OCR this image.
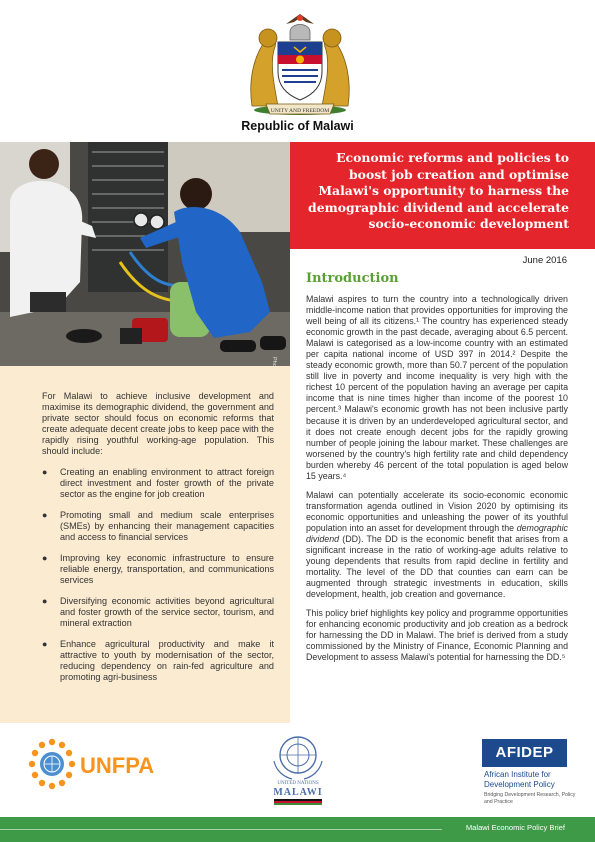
UNITY AND FREEDOM
Republic of Malawi
Economic reforms and policies to boost job creation and optimise Malawi's opportunity to harness the demographic dividend and accelerate socio-economic development
June 2016
For Malawi to achieve inclusive development and maximise its demographic dividend, the government and private sector should focus on economic reforms that create adequate decent create jobs to keep pace with the rapidly rising youthful working-age population. This should include:
● Creating an enabling environment to attract foreign direct investment and foster growth of the private sector as the engine for job creation
● Promoting small and medium scale enterprises (SMEs) by enhancing their management capacities and access to financial services
● Improving key economic infrastructure to ensure reliable energy, transportation, and communications services
● Diversifying economic activities beyond agricultural and foster growth of the service sector, tourism, and mineral extraction
● Enhance agricultural productivity and make it attractive to youth by modernisation of the sector, reducing dependency on rain-fed agriculture and promoting agri-business
Introduction

Malawi aspires to turn the country into a technologically driven middle-income nation that provides opportunities for improving the well being of all its citizens.¹ The country has experienced steady economic growth in the past decade, averaging about 6.5 percent. Malawi is categorised as a low-income country with an estimated per capita national income of USD 397 in 2014.² Despite the steady economic growth, more than 50.7 percent of the population still live in poverty and income inequality is very high with the richest 10 percent of the population having an average per capita income that is nine times higher than income of the poorest 10 percent.³ Malawi's economic growth has not been inclusive partly because it is driven by an underdeveloped agricultural sector, and it does not create enough decent jobs for the rapidly growing number of people joining the labour market. These challenges are worsened by the country's high fertility rate and child dependency burden whereby 46 percent of the total population is aged below 15 years.⁴

Malawi can potentially accelerate its socio-economic economic transformation agenda outlined in Vision 2020 by optimising its economic opportunities and unleashing the power of its youthful population into an asset for development through the demographic dividend (DD). The DD is the economic benefit that arises from a significant increase in the ratio of working-age adults relative to young dependents that results from rapid decline in fertility and mortality. The level of the DD that counties can earn can be augmented through strategic investments in education, skills development, health, job creation and governance.

This policy brief highlights key policy and programme opportunities for enhancing economic productivity and job creation as a bedrock for harnessing the DD in Malawi. The brief is derived from a study commissioned by the Ministry of Finance, Economic Planning and Development to assess Malawi's potential for harnessing the DD.⁵

UNFPA
UNITED NATIONS
MALAWI
AFIDEP
African Institute for Development Policy
Bridging Development Research, Policy and Practice
Malawi Economic Policy Brief
